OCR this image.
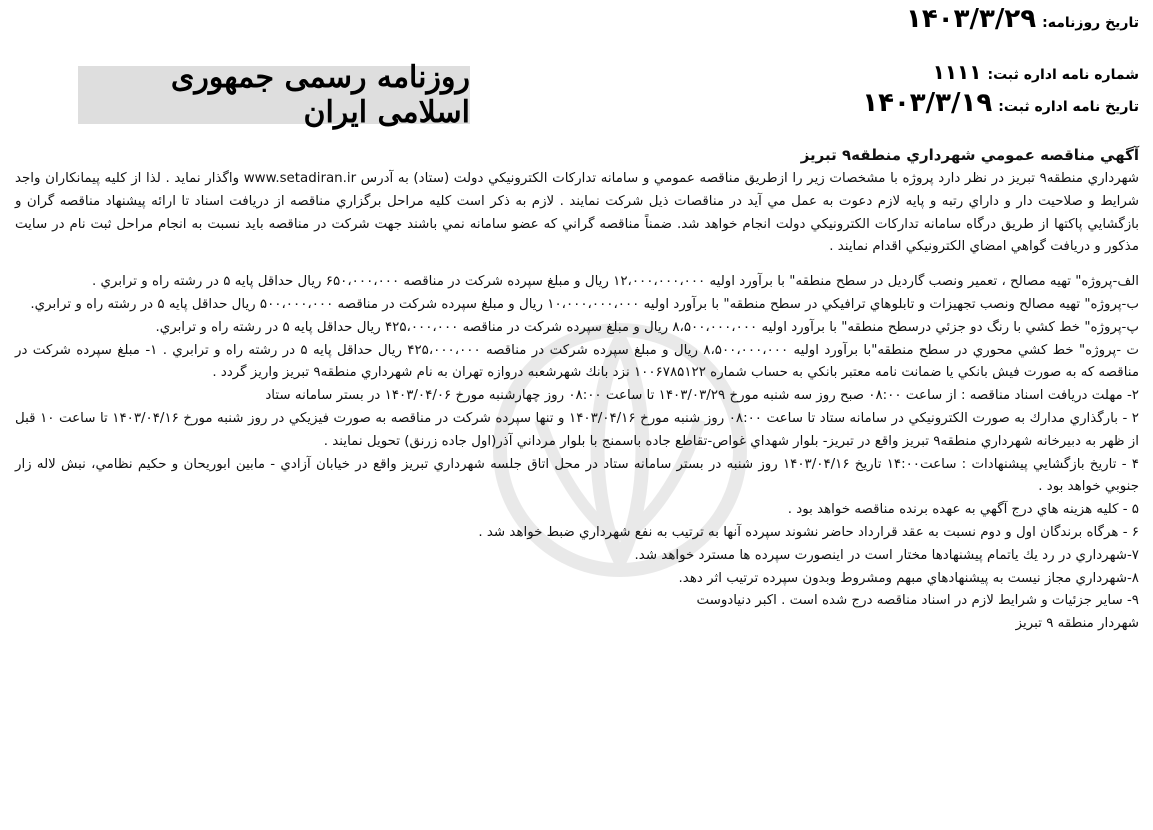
تاريخ روزنامه:۱۴۰۳/۳/۲۹
شماره نامه اداره ثبت:۱۱۱۱
تاريخ نامه اداره ثبت:۱۴۰۳/۳/۱۹
روزنامه رسمی جمهوری اسلامی ایران
آگهي مناقصه عمومي شهرداري منطقه۹ تبريز

شهرداري منطقه۹ تبريز در نظر دارد پروژه با مشخصات زير را ازطريق مناقصه عمومي و سامانه تداركات الكترونيكي دولت (ستاد) به آدرس www.setadiran.ir واگذار نمايد . لذا از كليه پيمانكاران واجد شرايط و صلاحيت دار و داراي رتبه و پايه لازم دعوت به عمل مي آيد در مناقصات ذيل شركت نمايند . لازم به ذكر است كليه مراحل برگزاري مناقصه از دريافت اسناد تا ارائه پيشنهاد مناقصه گران و بازگشايي پاكتها از طريق درگاه سامانه تداركات الكترونيكي دولت انجام خواهد شد. ضمناً مناقصه گراني كه عضو سامانه نمي باشند جهت شركت در مناقصه بايد نسبت به انجام مراحل ثبت نام در سايت مذكور و دريافت گواهي امضاي الكترونيكي اقدام نمايند .

الف-پروژه" تهيه مصالح ، تعمير ونصب گارديل در سطح منطقه" با برآورد اوليه ۱۲،۰۰۰،۰۰۰،۰۰۰ ريال و مبلغ سپرده شركت در مناقصه ۶۵۰،۰۰۰،۰۰۰ ريال حداقل پايه ۵ در رشته راه و ترابري .

ب-پروژه" تهيه مصالح ونصب تجهيزات و تابلوهاي ترافيكي در سطح منطقه" با برآورد اوليه ۱۰،۰۰۰،۰۰۰،۰۰۰ ريال و مبلغ سپرده شركت در مناقصه ۵۰۰،۰۰۰،۰۰۰ ريال حداقل پايه ۵ در رشته راه و ترابري.

پ-پروژه" خط كشي با رنگ دو جزئي درسطح منطقه" با برآورد اوليه ۸،۵۰۰،۰۰۰،۰۰۰ ريال و مبلغ سپرده شركت در مناقصه ۴۲۵،۰۰۰،۰۰۰ ريال حداقل پايه ۵ در رشته راه و ترابري.

ت -پروژه" خط كشي محوري در سطح منطقه"با برآورد اوليه ۸،۵۰۰،۰۰۰،۰۰۰ ريال و مبلغ سپرده شركت در مناقصه ۴۲۵،۰۰۰،۰۰۰ ريال حداقل پايه ۵ در رشته راه و ترابري . ۱- مبلغ سپرده شركت در مناقصه كه به صورت فيش بانكي يا ضمانت نامه معتبر بانكي به حساب شماره ۱۰۰۶۷۸۵۱۲۲ نزد بانك شهرشعبه دروازه تهران به نام شهرداري منطقه۹ تبريز واريز گردد .

۲- مهلت دريافت اسناد مناقصه : از ساعت ۰۸:۰۰ صبح روز سه شنبه مورخ ۱۴۰۳/۰۳/۲۹ تا ساعت ۰۸:۰۰ روز چهارشنبه مورخ ۱۴۰۳/۰۴/۰۶ در بستر سامانه ستاد

۲ - بارگذاري مدارك به صورت الكترونيكي در سامانه ستاد تا ساعت ۰۸:۰۰ روز شنبه مورخ ۱۴۰۳/۰۴/۱۶ و تنها سپرده شركت در مناقصه به صورت فيزيكي در روز شنبه مورخ ۱۴۰۳/۰۴/۱۶ تا ساعت ۱۰ قبل از ظهر به دبيرخانه شهرداري منطقه۹ تبريز واقع در تبريز- بلوار شهداي غواص-تقاطع جاده باسمنج با بلوار مرداني آذر(اول جاده زرنق) تحويل نمايند .

۴ - تاريخ بازگشايي پيشنهادات : ساعت۱۴:۰۰ تاريخ ۱۴۰۳/۰۴/۱۶ روز شنبه در بستر سامانه ستاد در محل اتاق جلسه شهرداري تبريز واقع در خيابان آزادي - مابين ابوريحان و حكيم نظامي، نبش لاله زار جنوبي خواهد بود .

۵ - كليه هزينه هاي درج آگهي به عهده برنده مناقصه خواهد بود .

۶ - هرگاه برندگان اول و دوم نسبت به عقد قرارداد حاضر نشوند سپرده آنها به ترتيب به نفع شهرداري ضبط خواهد شد .

۷-شهرداري در رد يك ياتمام پيشنهادها مختار است در اينصورت سپرده ها مسترد خواهد شد.

۸-شهرداري مجاز نيست به پيشنهادهاي مبهم ومشروط وبدون سپرده ترتيب اثر دهد.

۹- ساير جزئيات و شرايط لازم در اسناد مناقصه درج شده است . اكبر دنيادوست

شهردار منطقه ۹ تبريز
